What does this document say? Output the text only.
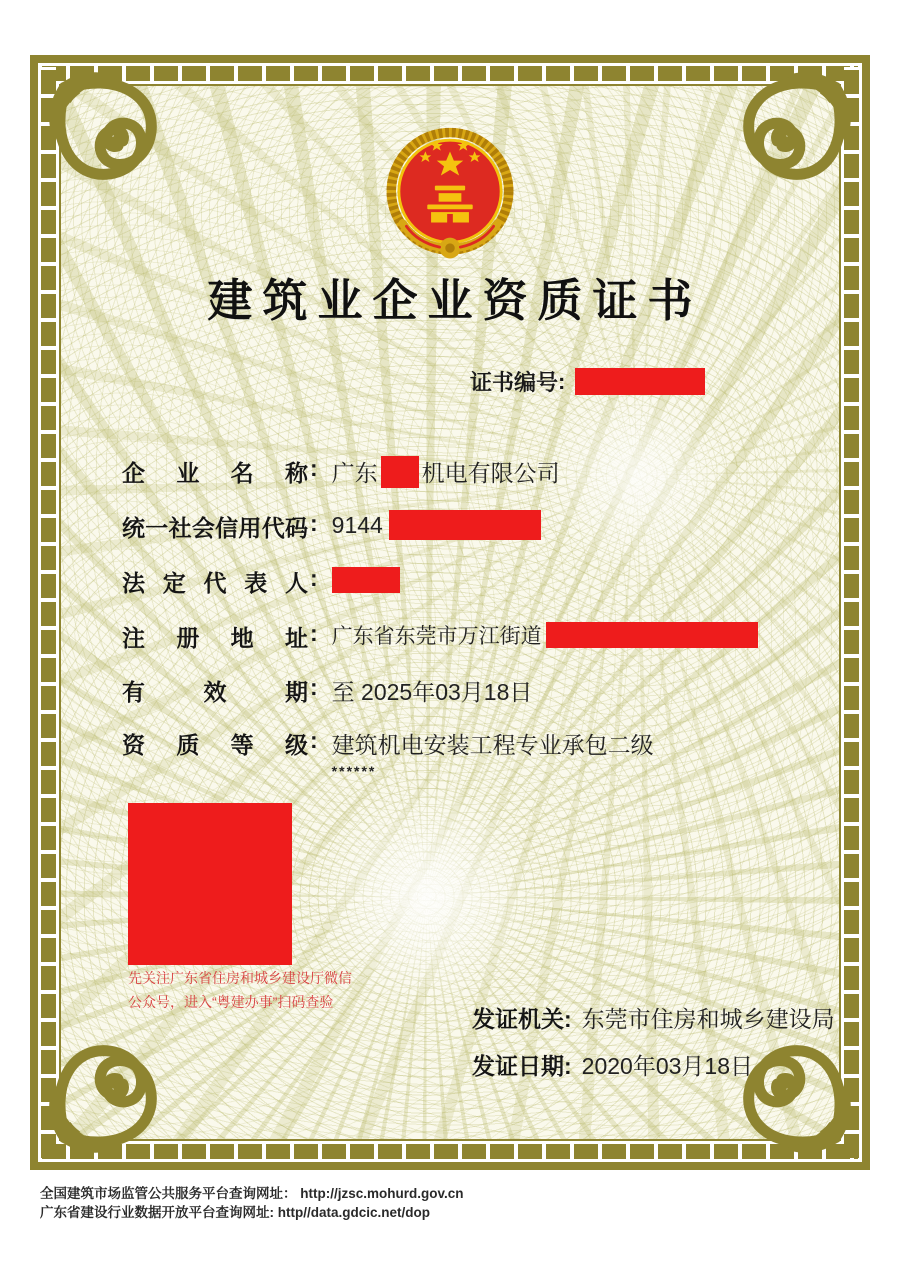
建筑业企业资质证书
证书编号 :
企 业 名 称 : 广东 机电有限公司
统一社会信用代码 : 9144
法 定 代 表 人 :
注 册 地 址 : 广东省东莞市万江街道
有 效 期 : 至 2025年03月18日
资 质 等 级 : 建筑机电安装工程专业承包二级
******
先关注广东省住房和城乡建设厅微信
公众号，进入“粤建办事”扫码查验
发证机关: 东莞市住房和城乡建设局
发证日期: 2020年03月18日
全国建筑市场监管公共服务平台查询网址： http://jzsc.mohurd.gov.cn
广东省建设行业数据开放平台查询网址: http//data.gdcic.net/dop
